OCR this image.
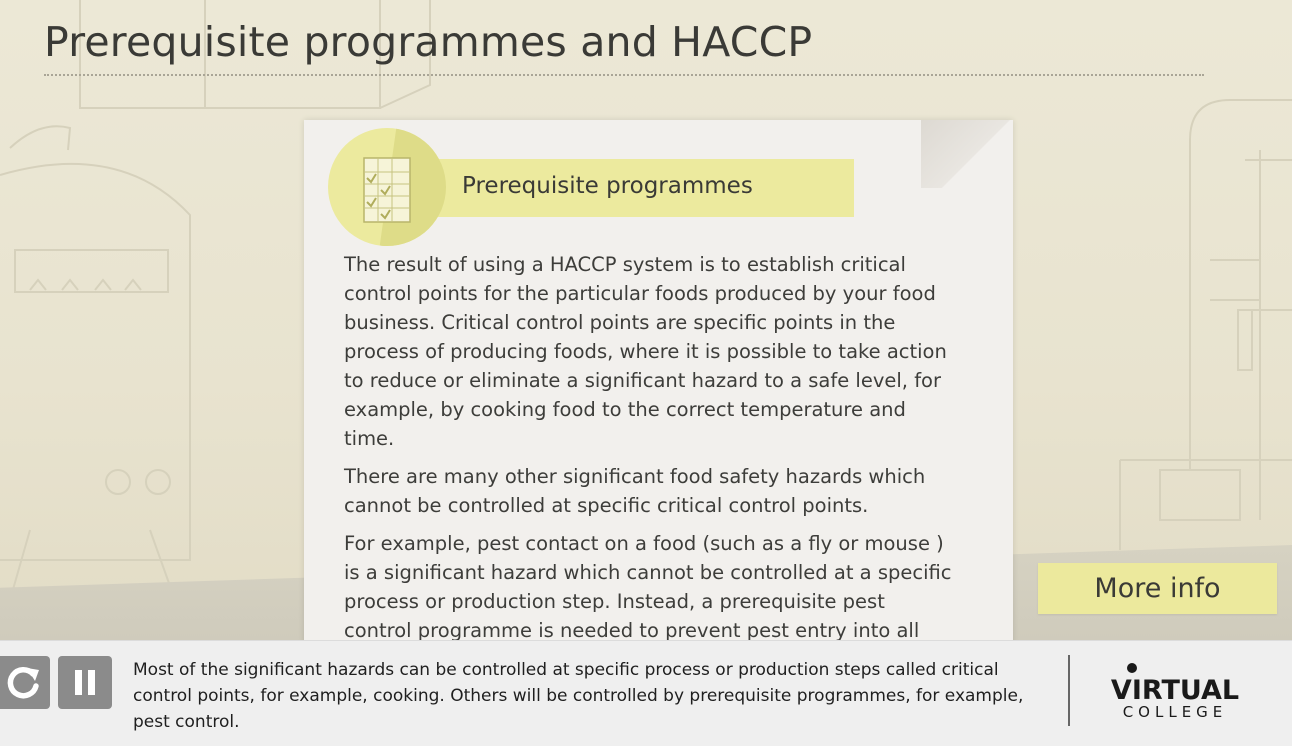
Prerequisite programmes and HACCP
Prerequisite programmes

The result of using a HACCP system is to establish critical control points for the particular foods produced by your food business. Critical control points are specific points in the process of producing foods, where it is possible to take action to reduce or eliminate a significant hazard to a safe level, for example, by cooking food to the correct temperature and time.

There are many other significant food safety hazards which cannot be controlled at specific critical control points.

For example, pest contact on a food (such as a fly or mouse ) is a significant hazard which cannot be controlled at a specific process or production step. Instead, a prerequisite pest control programme is needed to prevent pest entry into all

More info
Most of the significant hazards can be controlled at specific process or production steps called critical control points, for example, cooking. Others will be controlled by prerequisite programmes, for example, pest control.
VIRTUAL
COLLEGE
